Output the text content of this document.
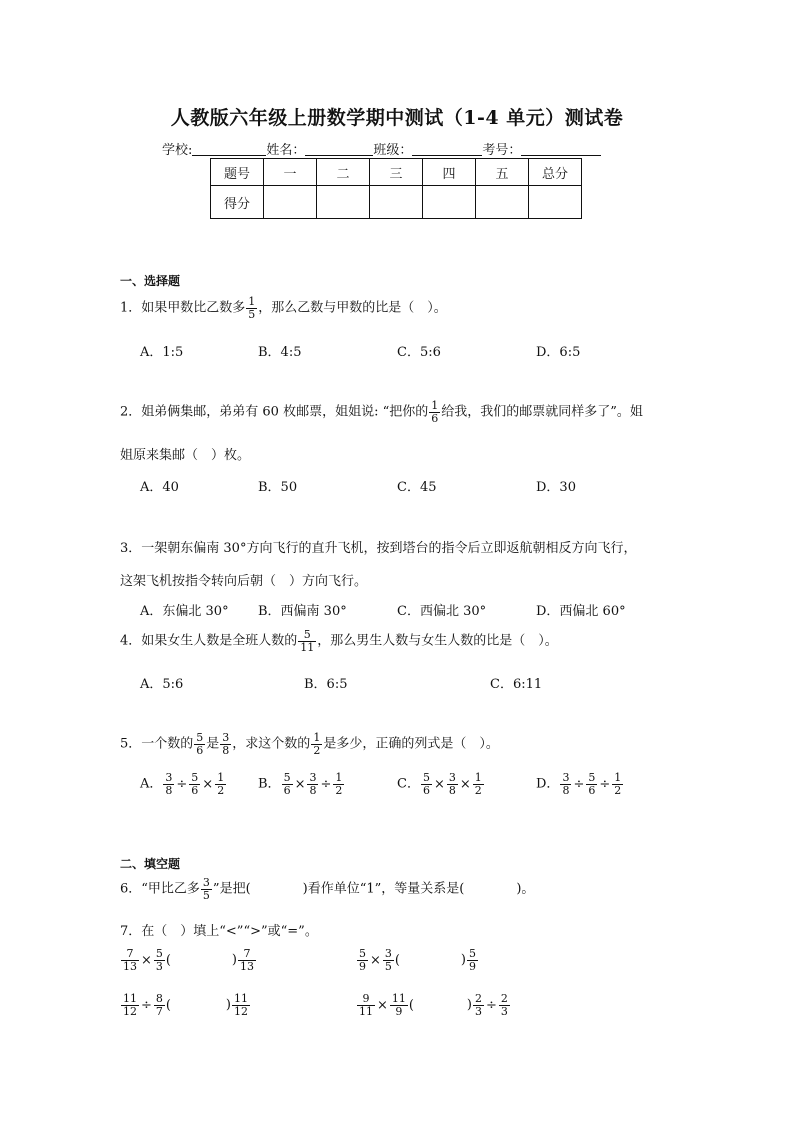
人教版六年级上册数学期中测试（1-4 单元）测试卷
学校:	姓名：	班级：	考号：
题号	一	二	三	四	五	总分
得分						
一、选择题
1．如果甲数比乙数多 $\frac{1}{5}$ ，那么乙数与甲数的比是（　）。
A．1:5	B．4:5	C．5:6	D．6:5
2．姐弟俩集邮，弟弟有 60 枚邮票，姐姐说: “把你的 $\frac{1}{6}$ 给我，我们的邮票就同样多了”。姐
姐原来集邮（　）枚。
A．40	B．50	C．45	D．30
3．一架朝东偏南 30°方向飞行的直升飞机，按到塔台的指令后立即返航朝相反方向飞行，
这架飞机按指令转向后朝（　）方向飞行。
A．东偏北 30° B．西偏南 30°	C．西偏北 30°	D．西偏北 60°
4．如果女生人数是全班人数的 $\frac{5}{11}$ ，那么男生人数与女生人数的比是（　）。
A．5:6	B．6:5	C．6:11
5．一个数的 $\frac{5}{6}$ 是 $\frac{3}{8}$ ，求这个数的 $\frac{1}{2}$ 是多少，正确的列式是（　）。
A． $\frac{3}{8} \div \frac{5}{6} \times \frac{1}{2}$ B． $\frac{5}{6} \times \frac{3}{8} \div \frac{1}{2}$	C． $\frac{5}{6} \times \frac{3}{8} \times \frac{1}{2}$	D． $\frac{3}{8} \div \frac{5}{6} \div \frac{1}{2}$
二、填空题
6．“甲比乙多 $\frac{3}{5}$ ”是把(　　　　)看作单位“1”，等量关系是(　　　　)。
7．在（　）填上“<”“>”或“=”。
$\frac{7}{13} \times \frac{5}{3}$ (	) $\frac{7}{13}$	$\frac{5}{9} \times \frac{3}{5}$ (	) $\frac{5}{9}$
$\frac{11}{12} \div \frac{8}{7}$ (	) $\frac{11}{12}$	$\frac{9}{11} \times \frac{11}{9}$ (	) $\frac{2}{3} \div \frac{2}{3}$
